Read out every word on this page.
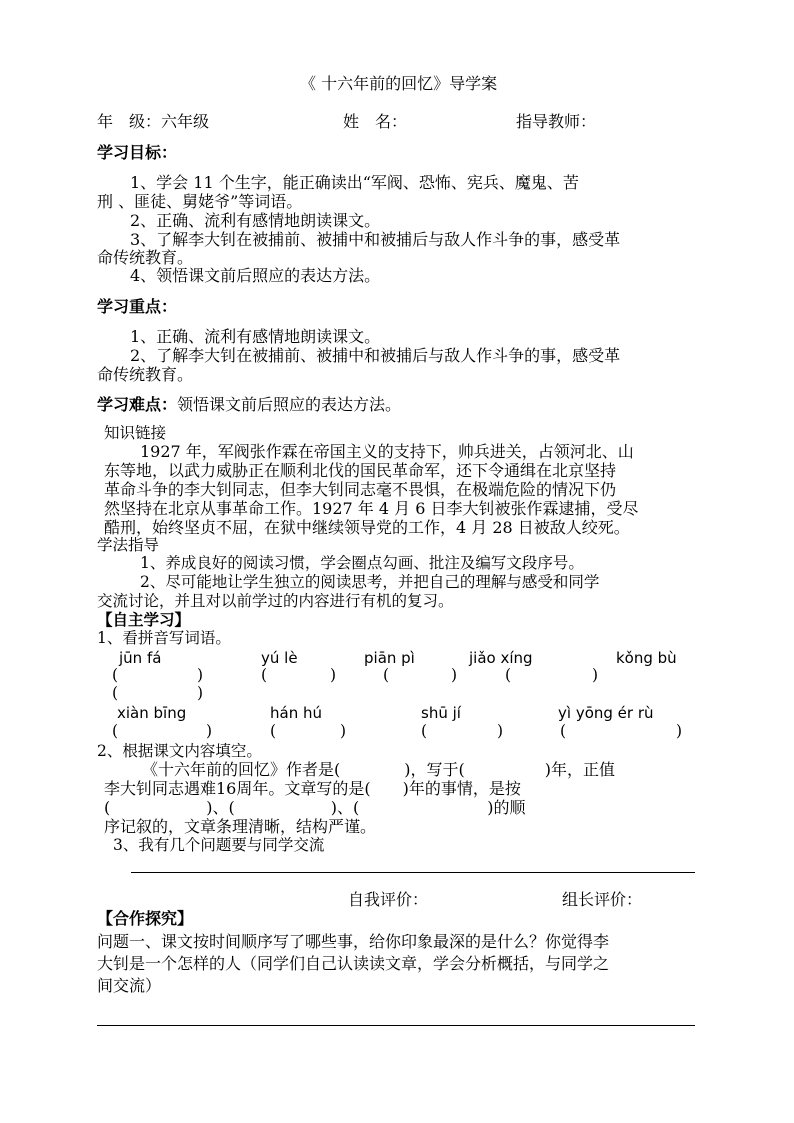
《 十六年前的回忆》导学案
年　级：六年级	姓　名：	指导教师：
学习目标：
1、学会 11 个生字，能正确读出“军阀、恐怖、宪兵、魔鬼、苦
刑 、匪徒、舅姥爷”等词语。
2、正确、流利有感情地朗读课文。
3、了解李大钊在被捕前、被捕中和被捕后与敌人作斗争的事，感受革
命传统教育。
4、领悟课文前后照应的表达方法。
学习重点：
1、正确、流利有感情地朗读课文。
2、了解李大钊在被捕前、被捕中和被捕后与敌人作斗争的事，感受革
命传统教育。
学习难点：领悟课文前后照应的表达方法。
知识链接
1927 年，军阀张作霖在帝国主义的支持下，帅兵进关，占领河北、山
东等地，以武力威胁正在顺利北伐的国民革命军，还下令通缉在北京坚持
革命斗争的李大钊同志，但李大钊同志毫不畏惧，在极端危险的情况下仍
然坚持在北京从事革命工作。1927 年 4 月 6 日李大钊被张作霖逮捕，受尽
酷刑，始终坚贞不屈，在狱中继续领导党的工作，4 月 28 日被敌人绞死。
学法指导
1、养成良好的阅读习惯，学会圈点勾画、批注及编写文段序号。
2、尽可能地让学生独立的阅读思考，并把自己的理解与感受和同学
交流讨论，并且对以前学过的内容进行有机的复习。
【自主学习】
1、看拼音写词语。
jūn fá	yú lè	piān pì	jiǎo xíng	kǒng bù
(	)	(	)	(	)	(	)
(	)
xiàn bīng	hán hú	shū jí	yì yōng ér rù
(	)	(	)	(	)	(	)
2、根据课文内容填空。
《十六年前的回忆》作者是(　　　　)，写于(　　　　　)年，正值
李大钊同志遇难16周年。文章写的是(　　)年的事情，是按
(　　　　　　)、(　　　　　　)、(　　　　　　　　)的顺
序记叙的，文章条理清晰，结构严谨。
3、我有几个问题要与同学交流
自我评价：	组长评价：
【合作探究】
问题一、课文按时间顺序写了哪些事，给你印象最深的是什么？你觉得李
大钊是一个怎样的人（同学们自己认读读文章，学会分析概括，与同学之
间交流）
